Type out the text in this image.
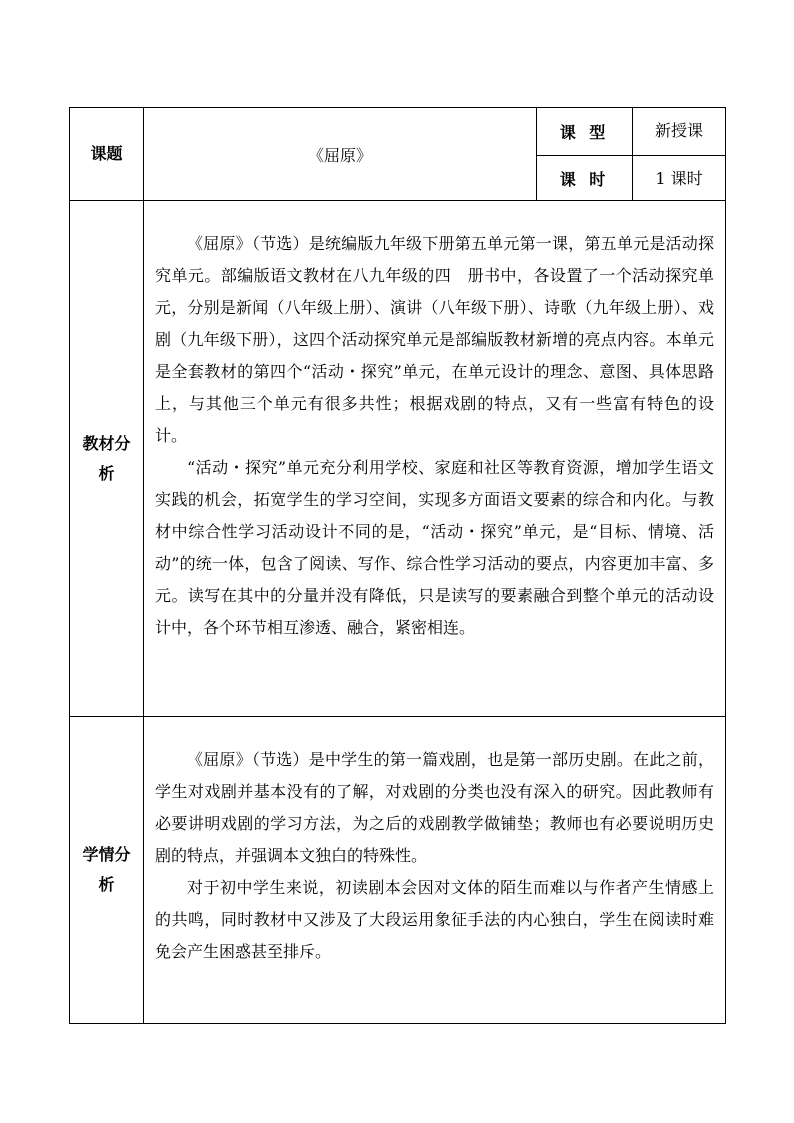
课题	《屈原》	课 型	新授课
		课 时	1 课时
教材分析	《屈原》（节选）是统编版九年级下册第五单元第一课，第五单元是活动探究单元。部编版语文教材在八九年级的四　册书中，各设置了一个活动探究单元，分别是新闻（八年级上册）、演讲（八年级下册）、诗歌（九年级上册）、戏剧（九年级下册），这四个活动探究单元是部编版教材新增的亮点内容。本单元是全套教材的第四个“活动・探究”单元，在单元设计的理念、意图、具体思路上，与其他三个单元有很多共性；根据戏剧的特点，又有一些富有特色的设计。

“活动・探究”单元充分利用学校、家庭和社区等教育资源，增加学生语文实践的机会，拓宽学生的学习空间，实现多方面语文要素的综合和内化。与教材中综合性学习活动设计不同的是，“活动・探究”单元，是“目标、情境、活动”的统一体，包含了阅读、写作、综合性学习活动的要点，内容更加丰富、多元。读写在其中的分量并没有降低，只是读写的要素融合到整个单元的活动设计中，各个环节相互渗透、融合，紧密相连。		

学情分析	《屈原》（节选）是中学生的第一篇戏剧，也是第一部历史剧。在此之前， 学生对戏剧并基本没有的了解，对戏剧的分类也没有深入的研究。因此教师有必要讲明戏剧的学习方法，为之后的戏剧教学做铺垫；教师也有必要说明历史剧的特点，并强调本文独白的特殊性。

对于初中学生来说，初读剧本会因对文体的陌生而难以与作者产生情感上的共鸣，同时教材中又涉及了大段运用象征手法的内心独白，学生在阅读时难免会产生困惑甚至排斥。		
